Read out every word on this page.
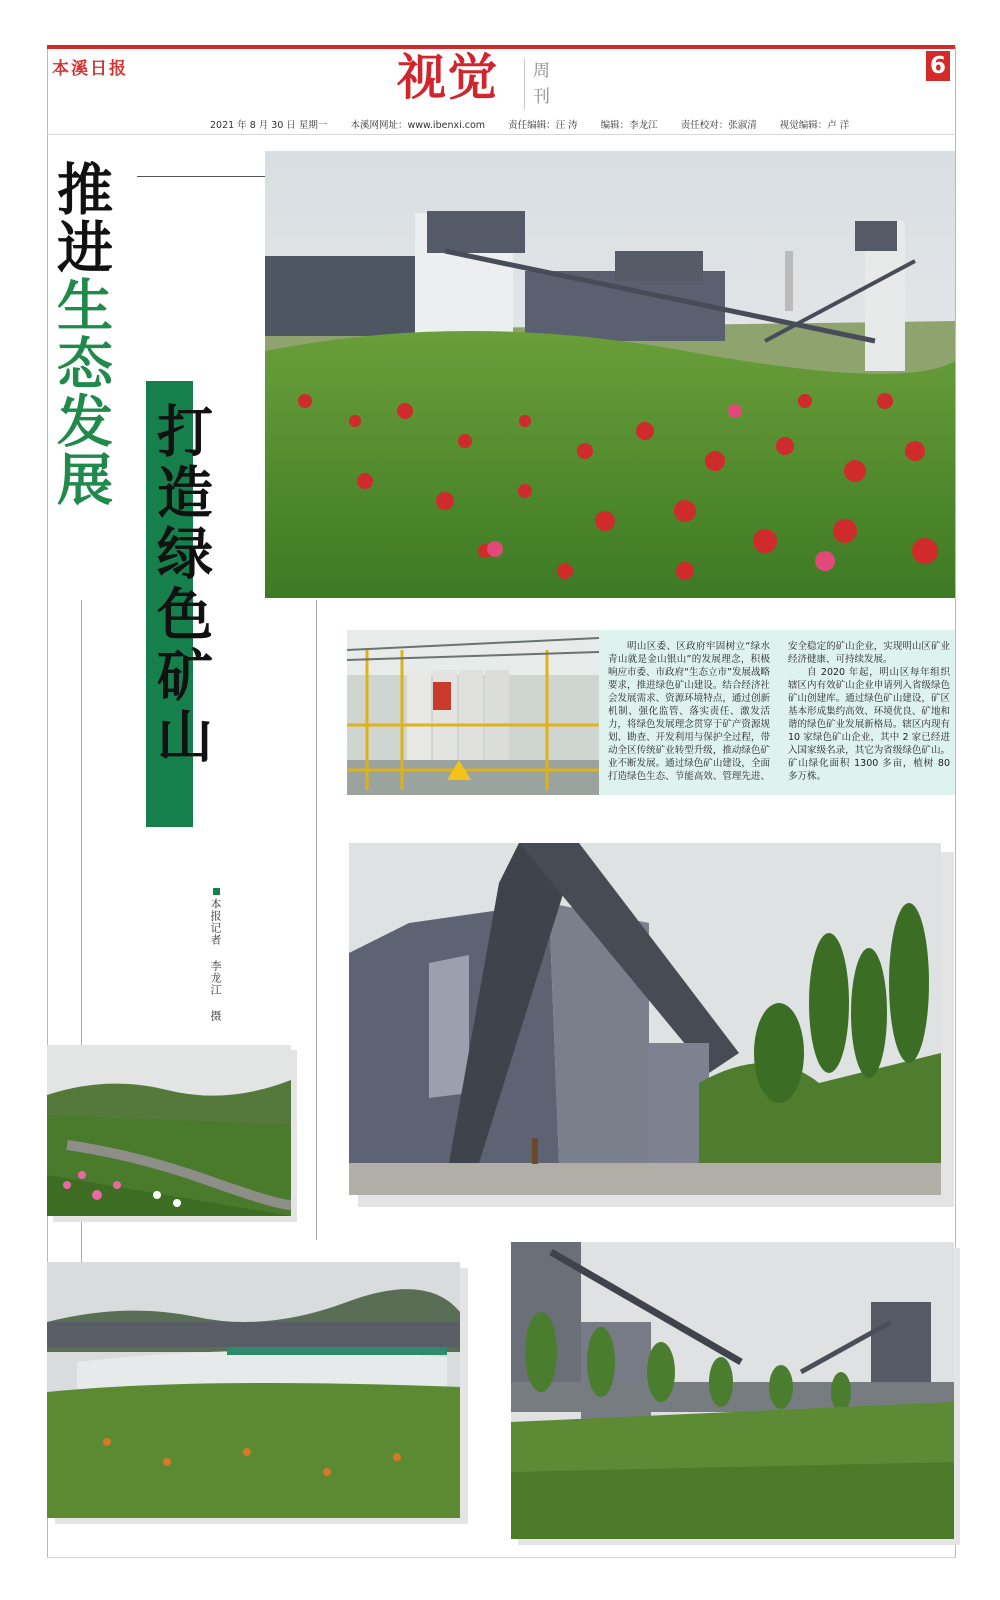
本溪日报	视觉	周刊
6
2021 年 8 月 30 日 星期一 本溪网网址：www.ibenxi.com 责任编辑：汪 涛 编辑：李龙江 责任校对：张淑清 视觉编辑：卢 洋
推进生态发展
打造绿色矿山
本报记者 李龙江 摄

明山区委、区政府牢固树立“绿水青山就是金山银山”的发展理念，积极响应市委、市政府“生态立市”发展战略要求，推进绿色矿山建设。结合经济社会发展需求、资源环境特点，通过创新机制、强化监管、落实责任、激发活力，将绿色发展理念贯穿于矿产资源规划、勘查、开发利用与保护全过程，带动全区传统矿业转型升级，推动绿色矿业不断发展。通过绿色矿山建设，全面打造绿色生态、节能高效、管理先进、安全稳定的矿山企业，实现明山区矿业经济健康、可持续发展。

自 2020 年起，明山区每年组织辖区内有效矿山企业申请列入省级绿色矿山创建库。通过绿色矿山建设，矿区基本形成集约高效、环境优良、矿地和谐的绿色矿业发展新格局。辖区内现有 10 家绿色矿山企业，其中 2 家已经进入国家级名录，其它为省级绿色矿山。矿山绿化面积 1300 多亩，植树 80 多万株。
